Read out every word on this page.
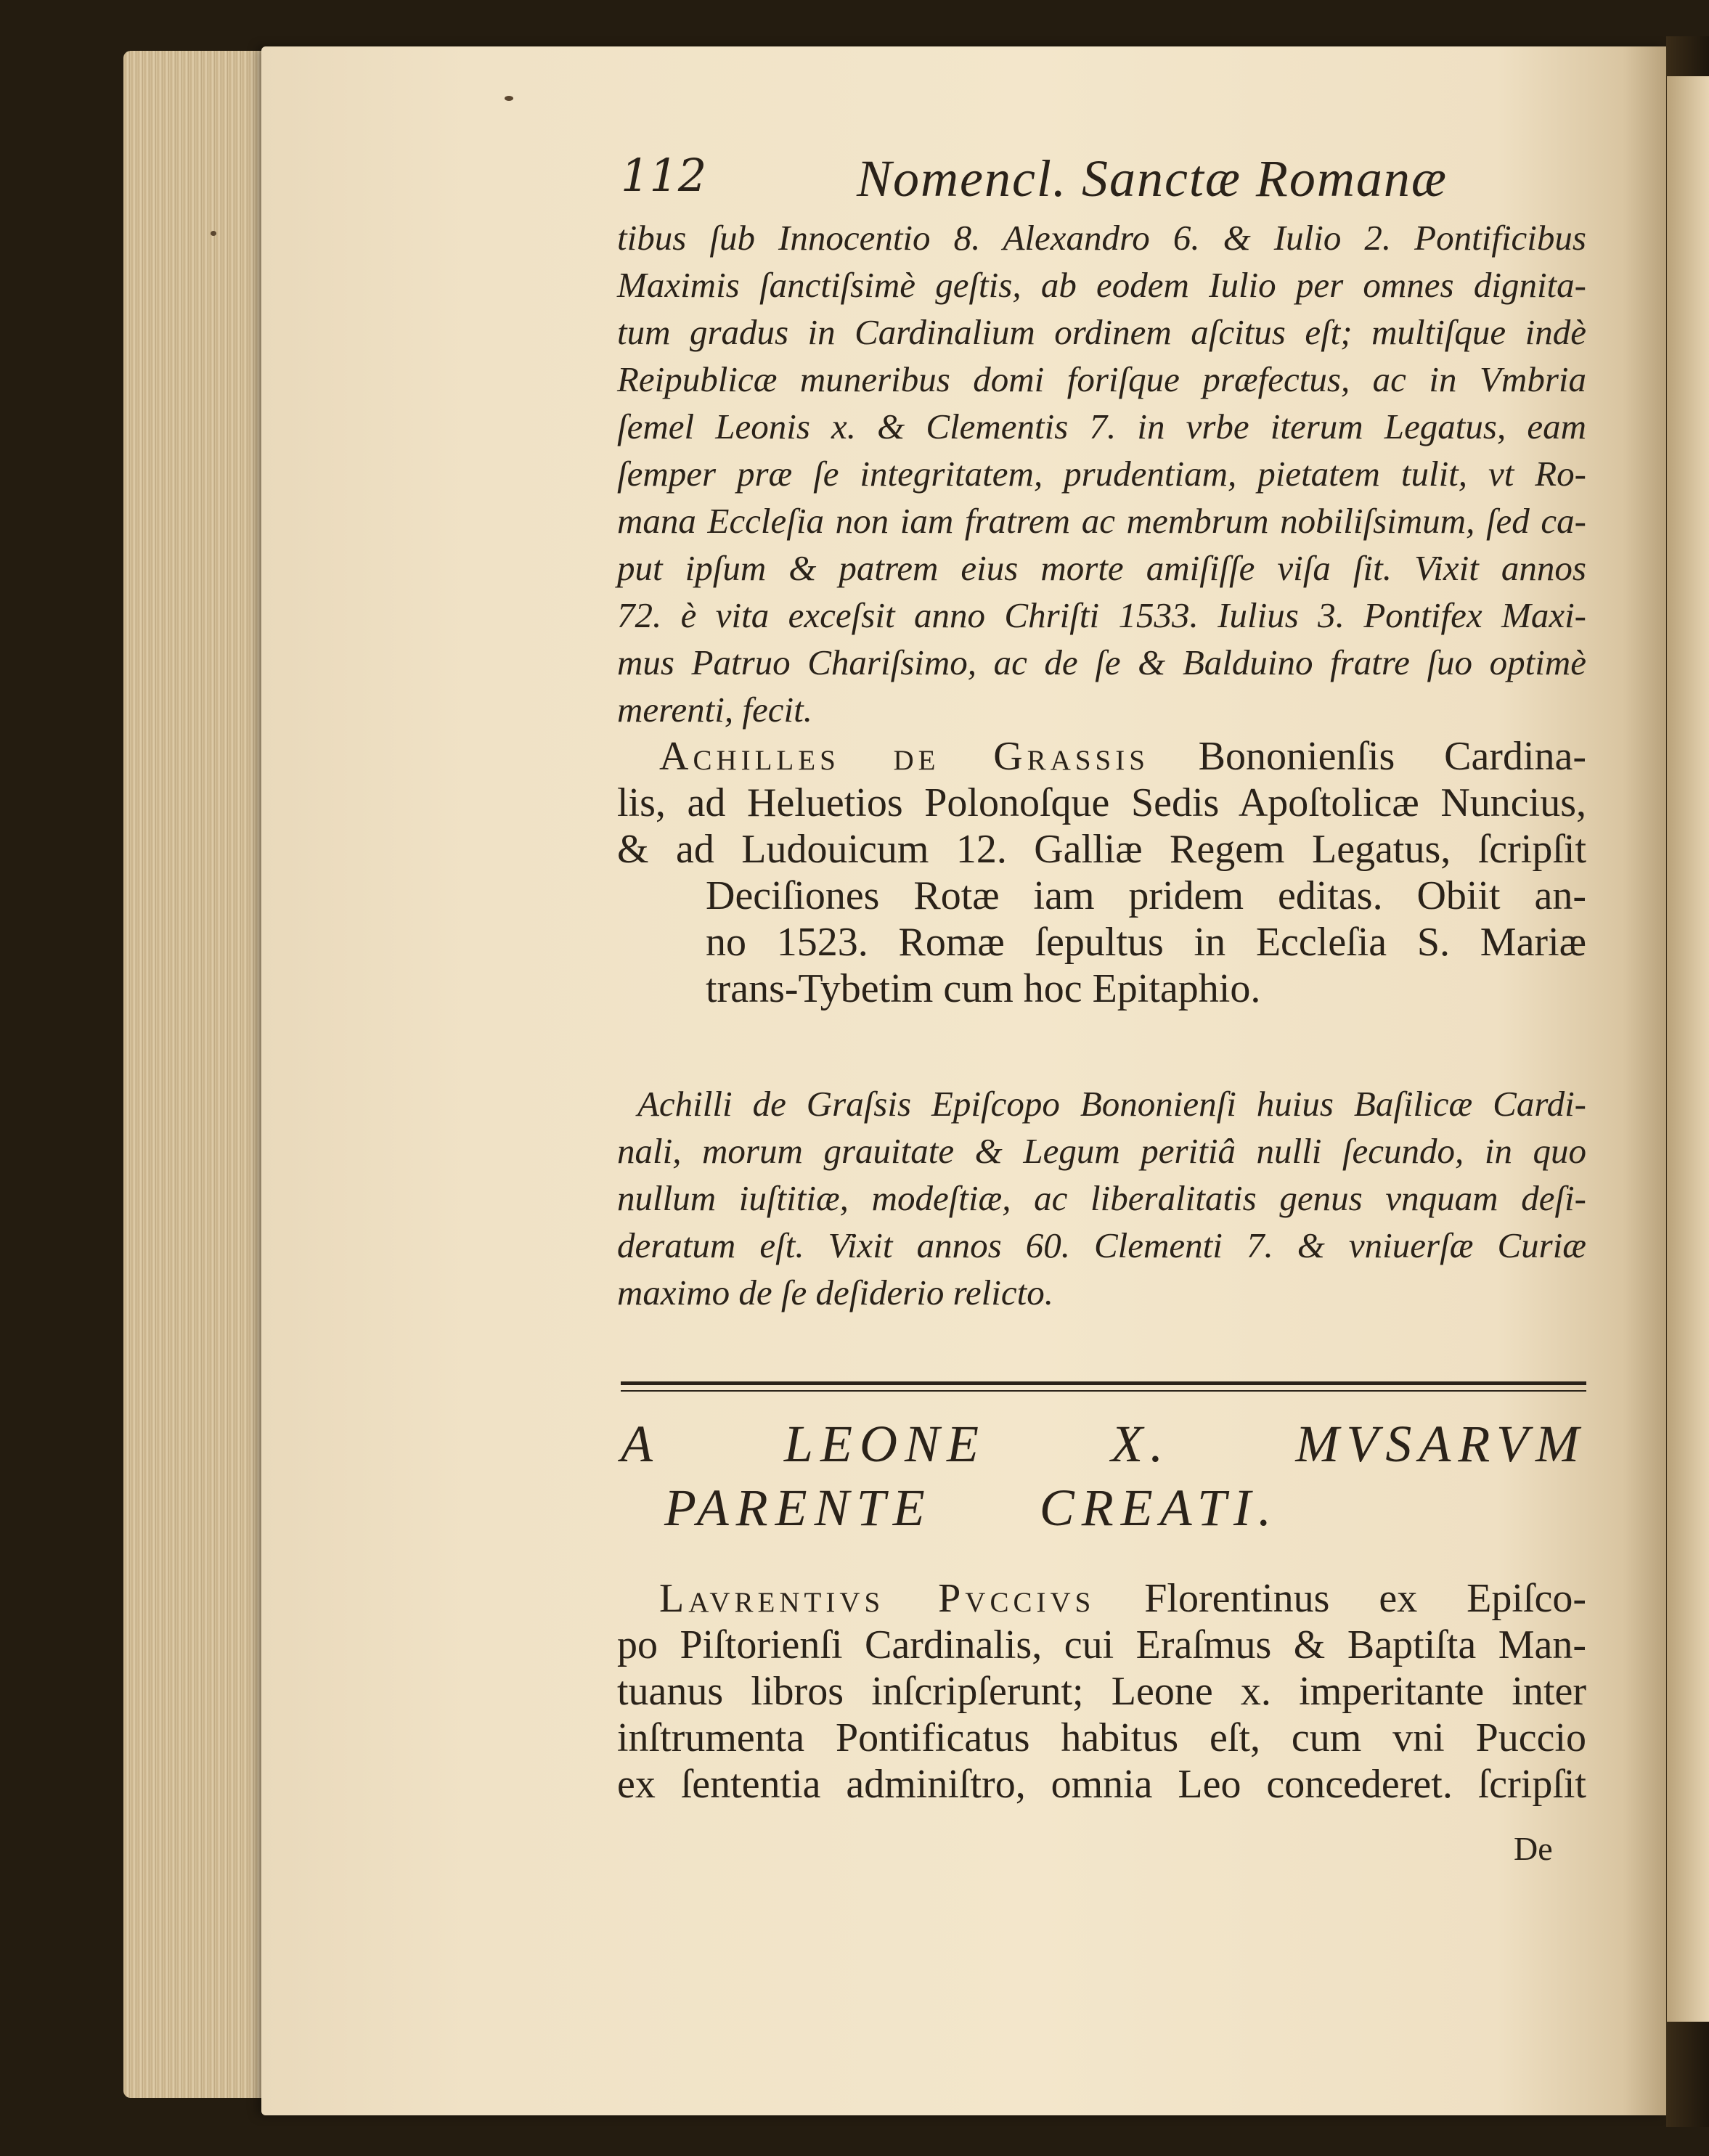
112	Nomencl. Sanctæ Romanæ
tibus ſub Innocentio 8. Alexandro 6. & Iulio 2. Pontificibus
Maximis ſanctiſsimè geſtis, ab eodem Iulio per omnes dignita-
tum gradus in Cardinalium ordinem aſcitus eſt; multiſque indè
Reipublicæ muneribus domi foriſque præfectus, ac in Vmbria
ſemel Leonis x. & Clementis 7. in vrbe iterum Legatus, eam
ſemper præ ſe integritatem, prudentiam, pietatem tulit, vt Ro-
mana Eccleſia non iam fratrem ac membrum nobiliſsimum, ſed ca-
put ipſum & patrem eius morte amiſiſſe viſa ſit. Vixit annos
72. è vita exceſsit anno Chriſti 1533. Iulius 3. Pontifex Maxi-
mus Patruo Chariſsimo, ac de ſe & Balduino fratre ſuo optimè
merenti, fecit.
Achilles de Grassis Bononienſis Cardina-
lis, ad Heluetios Polonoſque Sedis Apoſtolicæ Nuncius,
& ad Ludouicum 12. Galliæ Regem Legatus, ſcripſit
Deciſiones Rotæ iam pridem editas. Obiit an-
no 1523. Romæ ſepultus in Eccleſia S. Mariæ
trans-Tybetim cum hoc Epitaphio.
Achilli de Graſsis Epiſcopo Bononienſi huius Baſilicæ Cardi-
nali, morum grauitate & Legum peritiâ nulli ſecundo, in quo
nullum iuſtitiæ, modeſtiæ, ac liberalitatis genus vnquam deſi-
deratum eſt. Vixit annos 60. Clementi 7. & vniuerſæ Curiæ
maximo de ſe deſiderio relicto.
A LEONE X. MVSARVM
PARENTE CREATI.
Lavrentivs Pvccivs Florentinus ex Epiſco-
po Piſtorienſi Cardinalis, cui Eraſmus & Baptiſta Man-
tuanus libros inſcripſerunt; Leone x. imperitante inter
inſtrumenta Pontificatus habitus eſt, cum vni Puccio
ex ſententia adminiſtro, omnia Leo concederet. ſcripſit
De
